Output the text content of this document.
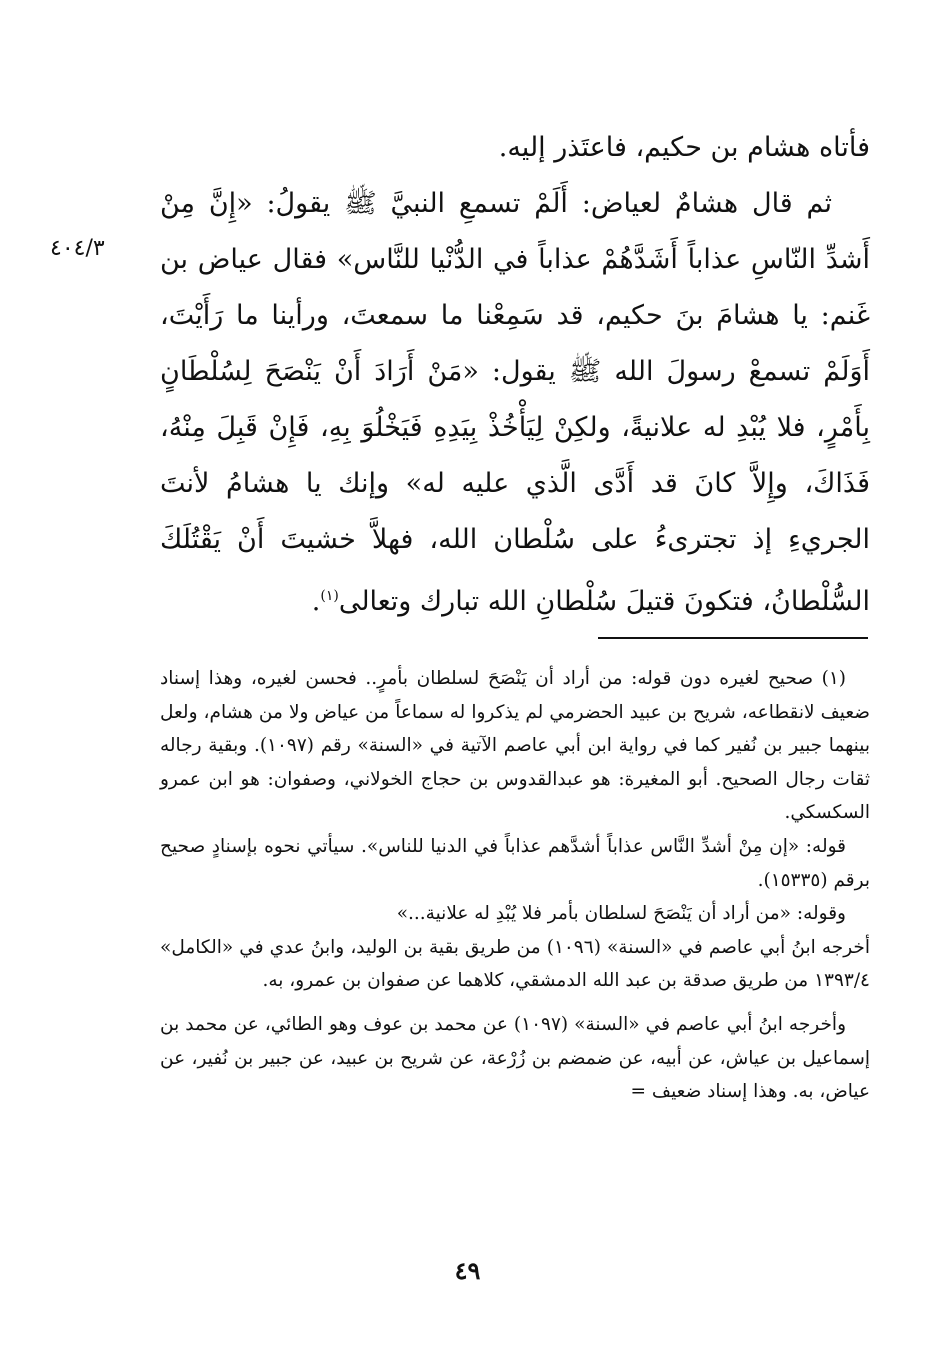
فأتاه هشام بن حكيم، فاعتَذر إليه.

ثم قال هشامٌ لعياض: أَلَمْ تسمعِ النبيَّ ﷺ يقولُ: «إِنَّ مِنْ أَشدِّ النّاسِ عذاباً أَشَدَّهُمْ عذاباً في الدُّنْيا للنَّاس» فقال عياض بن غَنم: يا هشامَ بنَ حكيم، قد سَمِعْنا ما سمعتَ، ورأينا ما رَأَيْتَ، أَوَلَمْ تسمعْ رسولَ الله ﷺ يقول: «مَنْ أَرَادَ أَنْ يَنْصَحَ لِسُلْطَانٍ بِأَمْرٍ، فلا يُبْدِ له علانيةً، ولكِنْ لِيَأْخُذْ بِيَدِهِ فَيَخْلُوَ بِهِ، فَإِنْ قَبِلَ مِنْهُ، فَذَاكَ، وإِلاَّ كانَ قد أَدَّى الَّذي عليه له» وإنك يا هشامُ لأنتَ الجريءِ إذ تجترىءُ على سُلْطان الله، فهلاَّ خشيتَ أَنْ يَقْتُلَكَ السُّلْطانُ، فتكونَ قتيلَ سُلْطانِ الله تبارك وتعالى$^{(١)}$.

٤٠٤/٣

(١) صحيح لغيره دون قوله: من أراد أن يَنْصَحَ لسلطان بأمرٍ.. فحسن لغيره، وهذا إسناد ضعيف لانقطاعه، شريح بن عبيد الحضرمي لم يذكروا له سماعاً من عياض ولا من هشام، ولعل بينهما جبير بن نُفير كما في رواية ابن أبي عاصم الآتية في «السنة» رقم (١٠٩٧). وبقية رجاله ثقات رجال الصحيح. أبو المغيرة: هو عبدالقدوس بن حجاج الخولاني، وصفوان: هو ابن عمرو السكسكي.

قوله: «إن مِنْ أشدِّ النَّاس عذاباً أشدَّهم عذاباً في الدنيا للناس». سيأتي نحوه بإسنادٍ صحيح برقم (١٥٣٣٥).

وقوله: «من أراد أن يَنْصَحَ لسلطان بأمر فلا يُبْدِ له علانية...»

أخرجه ابنُ أبي عاصم في «السنة» (١٠٩٦) من طريق بقية بن الوليد، وابنُ عدي في «الكامل» ١٣٩٣/٤ من طريق صدقة بن عبد الله الدمشقي، كلاهما عن صفوان بن عمرو، به.

وأخرجه ابنُ أبي عاصم في «السنة» (١٠٩٧) عن محمد بن عوف وهو الطائي، عن محمد بن إسماعيل بن عياش، عن أبيه، عن ضمضم بن زُرْعة، عن شريح بن عبيد، عن جبير بن نُفير، عن عياض، به. وهذا إسناد ضعيف =

٤٩
